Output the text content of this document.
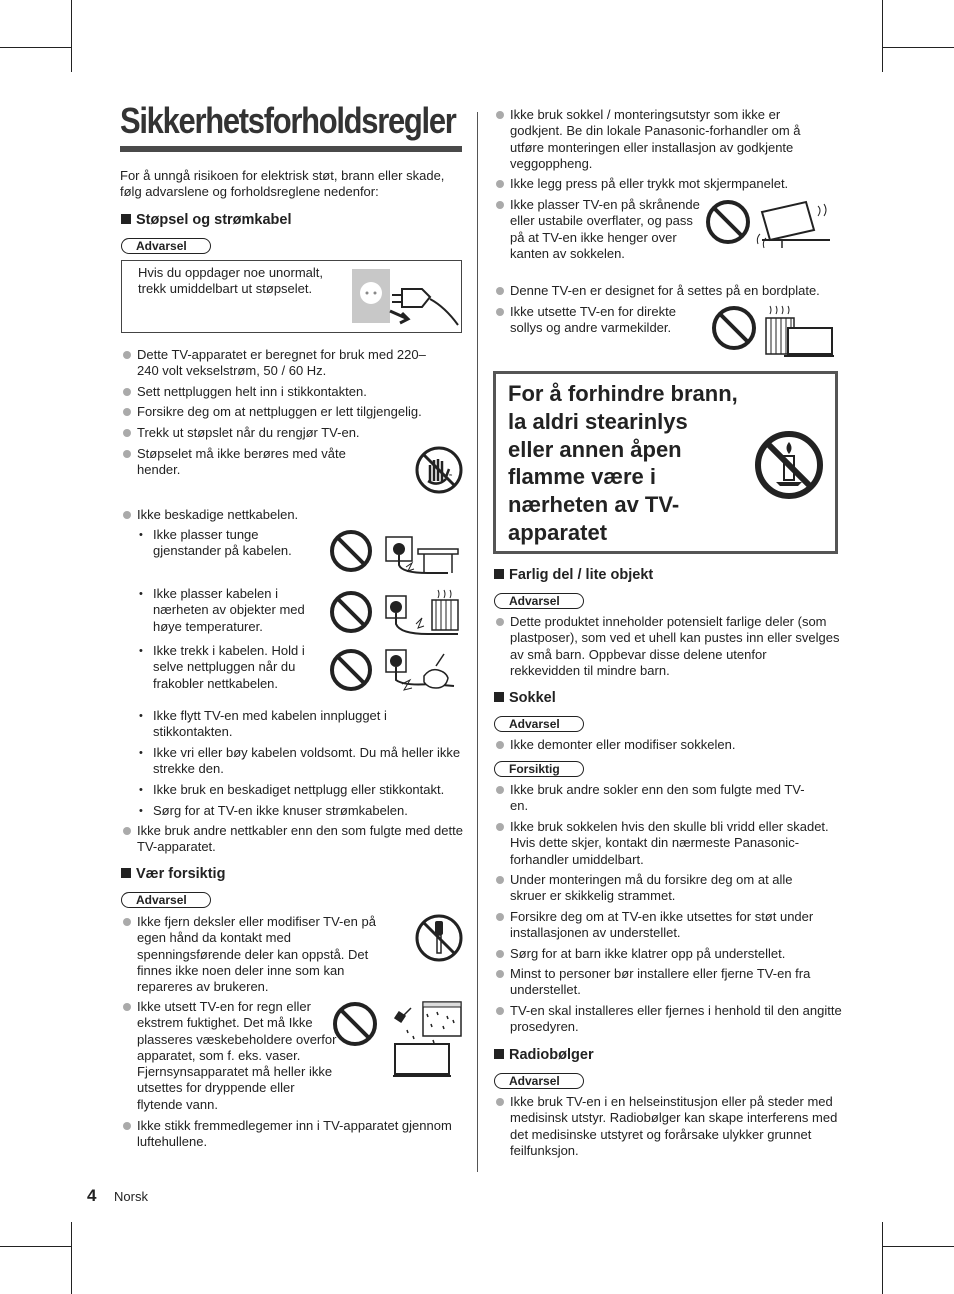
Sikkerhetsforholdsregler
For å unngå risikoen for elektrisk støt, brann eller skade, følg advarslene og forholdsreglene nedenfor:
Støpsel og strømkabel
Advarsel
Hvis du oppdager noe unormalt, trekk umiddelbart ut støpselet.
Dette TV-apparatet er beregnet for bruk med 220–240 volt vekselstrøm, 50 / 60 Hz.
Sett nettpluggen helt inn i stikkontakten.
Forsikre deg om at nettpluggen er lett tilgjengelig.
Trekk ut støpslet når du rengjør TV-en.
Støpselet må ikke berøres med våte hender.	≈
Ikke beskadige nettkabelen.
• Ikke plasser tunge gjenstander på kabelen.
• Ikke plasser kabelen i nærheten av objekter med høye temperaturer.
• Ikke trekk i kabelen. Hold i selve nettpluggen når du frakobler nettkabelen.
• Ikke flytt TV-en med kabelen innplugget i stikkontakten.
• Ikke vri eller bøy kabelen voldsomt. Du må heller ikke strekke den.
• Ikke bruk en beskadiget nettplugg eller stikkontakt.
• Sørg for at TV-en ikke knuser strømkabelen.
Ikke bruk andre nettkabler enn den som fulgte med dette TV-apparatet.
Vær forsiktig
Advarsel
Ikke fjern deksler eller modifiser TV-en på egen hånd da kontakt med spenningsførende deler kan oppstå. Det finnes ikke noen deler inne som kan repareres av brukeren.
Ikke utsett TV-en for regn eller ekstrem fuktighet. Det må Ikke plasseres væskebeholdere overfor apparatet, som f. eks. vaser. Fjernsynsapparatet må heller ikke utsettes for dryppende eller flytende vann.
Ikke stikk fremmedlegemer inn i TV-apparatet gjennom luftehullene.
Ikke bruk sokkel / monteringsutstyr som ikke er godkjent. Be din lokale Panasonic-forhandler om å utføre monteringen eller installasjon av godkjente veggoppheng.
Ikke legg press på eller trykk mot skjermpanelet.
Ikke plasser TV-en på skrånende eller ustabile overflater, og pass på at TV-en ikke henger over kanten av sokkelen.
Denne TV-en er designet for å settes på en bordplate.
Ikke utsette TV-en for direkte sollys og andre varmekilder.
For å forhindre brann, la aldri stearinlys eller annen åpen flamme være i nærheten av TV-apparatet
Farlig del / lite objekt
Advarsel
Dette produktet inneholder potensielt farlige deler (som plastposer), som ved et uhell kan pustes inn eller svelges av små barn. Oppbevar disse delene utenfor rekkevidden til mindre barn.
Sokkel
Advarsel
Ikke demonter eller modifiser sokkelen.
Forsiktig
Ikke bruk andre sokler enn den som fulgte med TV-en.
Ikke bruk sokkelen hvis den skulle bli vridd eller skadet. Hvis dette skjer, kontakt din nærmeste Panasonic-forhandler umiddelbart.
Under monteringen må du forsikre deg om at alle skruer er skikkelig strammet.
Forsikre deg om at TV-en ikke utsettes for støt under installasjonen av understellet.
Sørg for at barn ikke klatrer opp på understellet.
Minst to personer bør installere eller fjerne TV-en fra understellet.
TV-en skal installeres eller fjernes i henhold til den angitte prosedyren.
Radiobølger
Advarsel
Ikke bruk TV-en i en helseinstitusjon eller på steder med medisinsk utstyr. Radiobølger kan skape interferens med det medisinske utstyret og forårsake ulykker grunnet feilfunksjon.
4 Norsk
